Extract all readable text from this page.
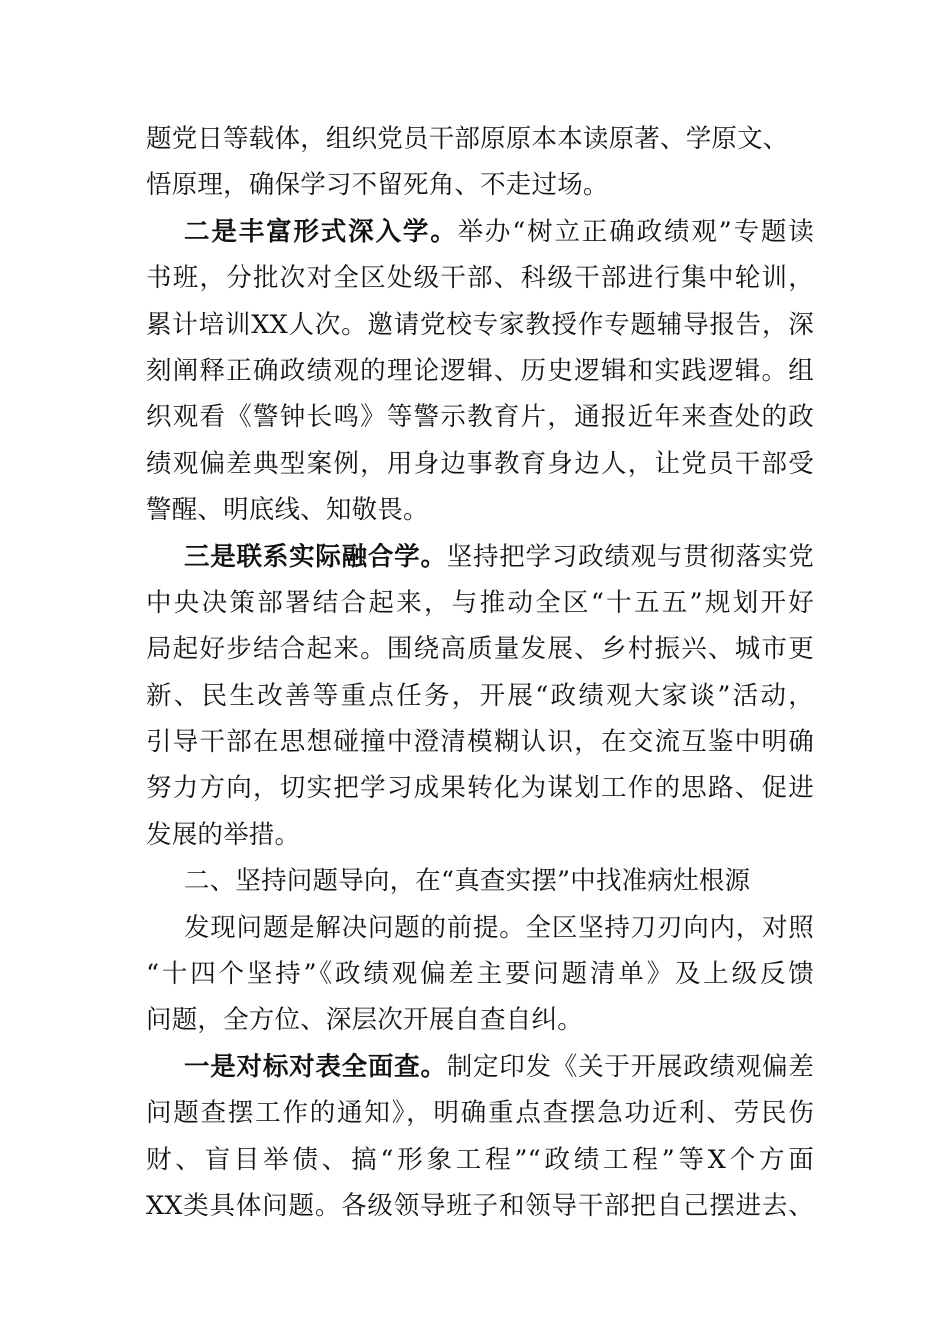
题党日等载体，组织党员干部原原本本读原著、学原文、
悟原理，确保学习不留死角、不走过场。
二是丰富形式深入学。举办“树立正确政绩观”专题读
书班，分批次对全区处级干部、科级干部进行集中轮训，
累计培训XX人次。邀请党校专家教授作专题辅导报告，深
刻阐释正确政绩观的理论逻辑、历史逻辑和实践逻辑。组
织观看《警钟长鸣》等警示教育片，通报近年来查处的政
绩观偏差典型案例，用身边事教育身边人，让党员干部受
警醒、明底线、知敬畏。
三是联系实际融合学。坚持把学习政绩观与贯彻落实党
中央决策部署结合起来，与推动全区“十五五”规划开好
局起好步结合起来。围绕高质量发展、乡村振兴、城市更
新、民生改善等重点任务，开展“政绩观大家谈”活动，
引导干部在思想碰撞中澄清模糊认识，在交流互鉴中明确
努力方向，切实把学习成果转化为谋划工作的思路、促进
发展的举措。
二、坚持问题导向，在“真查实摆”中找准病灶根源
发现问题是解决问题的前提。全区坚持刀刃向内，对照
“十四个坚持”《政绩观偏差主要问题清单》及上级反馈
问题，全方位、深层次开展自查自纠。
一是对标对表全面查。制定印发《关于开展政绩观偏差
问题查摆工作的通知》，明确重点查摆急功近利、劳民伤
财、盲目举债、搞“形象工程”“政绩工程”等X个方面
XX类具体问题。各级领导班子和领导干部把自己摆进去、
